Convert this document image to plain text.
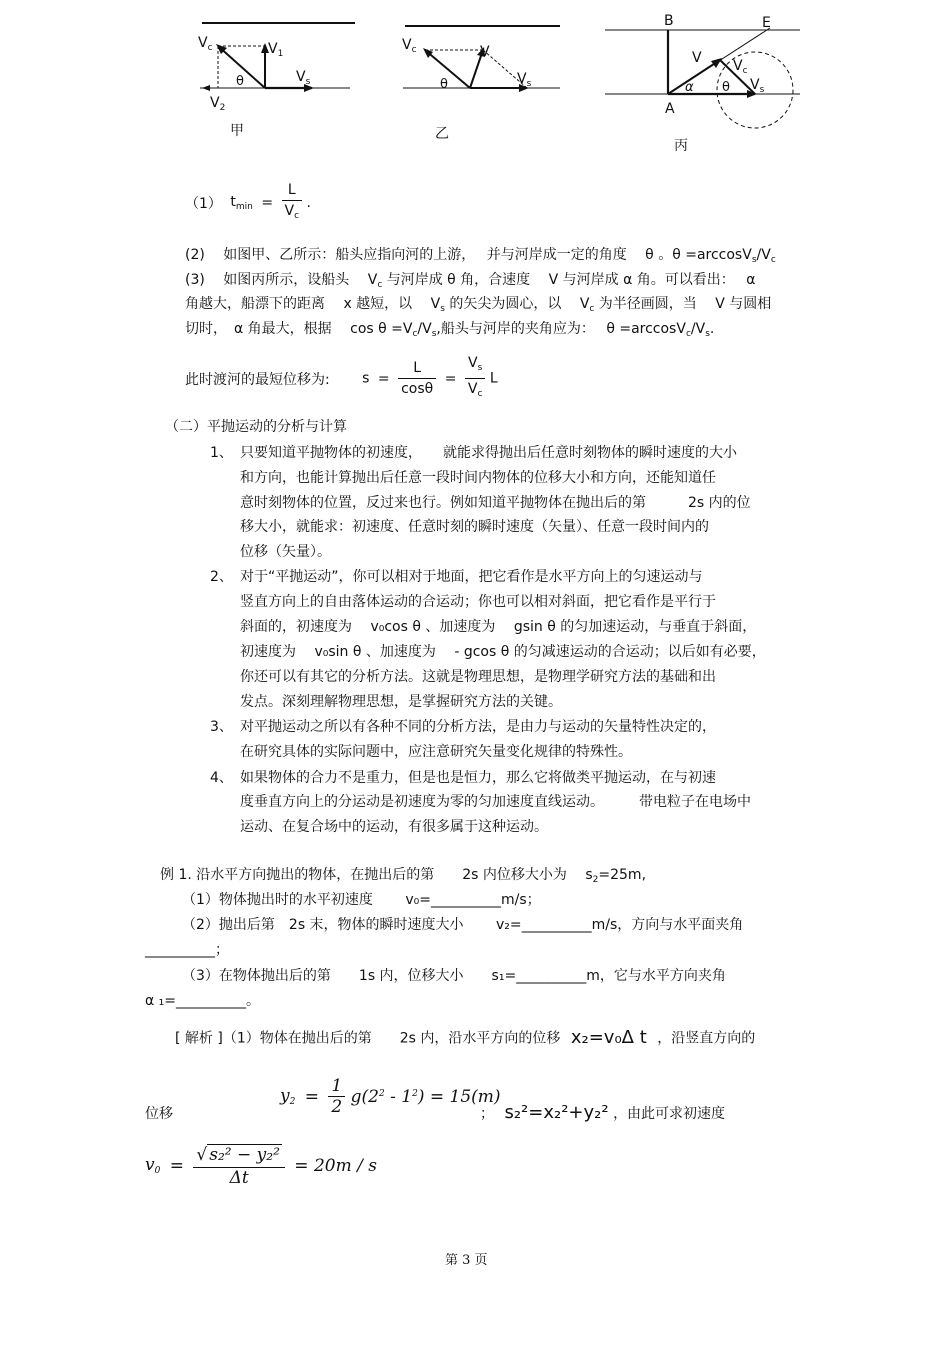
$V_c$	$V_1$
$V_s$
$V_2$
θ
甲
$V_c$	V
$V_s$
θ
乙
B	E
A
V $V_c$
$V_s$
α θ
丙
（1） $t_{min} = \frac{L}{V_c}$ .
(2)　 如图甲、乙所示：船头应指向河的上游，　 并与河岸成一定的角度　 θ 。$\theta =\arccos V_s/V_c$
(3)　 如图丙所示，设船头　 $V_c$ 与河岸成 θ 角，合速度　 V 与河岸成 α 角。可以看出：　 α
角越大，船漂下的距离　 x 越短，以　 $V_s$ 的矢尖为圆心，以　 $V_c$ 为半径画圆，当　 V 与圆相
切时，　α 角最大，根据　 $\cos \theta =V_c/V_s$,船头与河岸的夹角应为：　 $\theta =\arccos V_c/V_s$.
此时渡河的最短位移为: $s = \frac{L}{\cos\theta} = \frac{V_s}{V_c}$ L
（二）平抛运动的分析与计算
1、 只要知道平抛物体的初速度，　　就能求得抛出后任意时刻物体的瞬时速度的大小
和方向，也能计算抛出后任意一段时间内物体的位移大小和方向，还能知道任
意时刻物体的位置，反过来也行。例如知道平抛物体在抛出后的第　　　2s 内的位
移大小，就能求：初速度、任意时刻的瞬时速度（矢量）、任意一段时间内的
位移（矢量）。
2、 对于“平抛运动”，你可以相对于地面，把它看作是水平方向上的匀速运动与
竖直方向上的自由落体运动的合运动；你也可以相对斜面，把它看作是平行于
斜面的，初速度为　 v₀cos θ 、加速度为　 gsin θ 的匀加速运动，与垂直于斜面，
初速度为　 v₀sin θ 、加速度为　 - gcos θ 的匀减速运动的合运动；以后如有必要，
你还可以有其它的分析方法。这就是物理思想，是物理学研究方法的基础和出
发点。深刻理解物理思想，是掌握研究方法的关键。
3、 对平抛运动之所以有各种不同的分析方法，是由力与运动的矢量特性决定的，
在研究具体的实际问题中，应注意研究矢量变化规律的特殊性。
4、 如果物体的合力不是重力，但是也是恒力，那么它将做类平抛运动，在与初速
度垂直方向上的分运动是初速度为零的匀加速度直线运动。　　　带电粒子在电场中
运动、在复合场中的运动，有很多属于这种运动。
例 1. 沿水平方向抛出的物体，在抛出后的第　　2s 内位移大小为　 $s_2=25m$,
（1）物体抛出时的水平初速度　　 v₀=__________m/s；
（2）抛出后第　2s 末，物体的瞬时速度大小　　 v₂=__________m/s，方向与水平面夹角
__________；
（3）在物体抛出后的第　　1s 内，位移大小　　s₁=__________m，它与水平方向夹角
α ₁=__________。
[ 解析 ]（1）物体在抛出后的第　　2s 内，沿水平方向的位移 x₂=v₀Δ t ，沿竖直方向的
位移
$y_2 = \frac{1}{2} g(2^2 - 1^2) = 15(m)$
； s₂²=x₂²+y₂² ，由此可求初速度
$v_0 = \frac{\text{√ s₂² − y₂²}}{\Delta t} = 20m / s$
第 3 页
